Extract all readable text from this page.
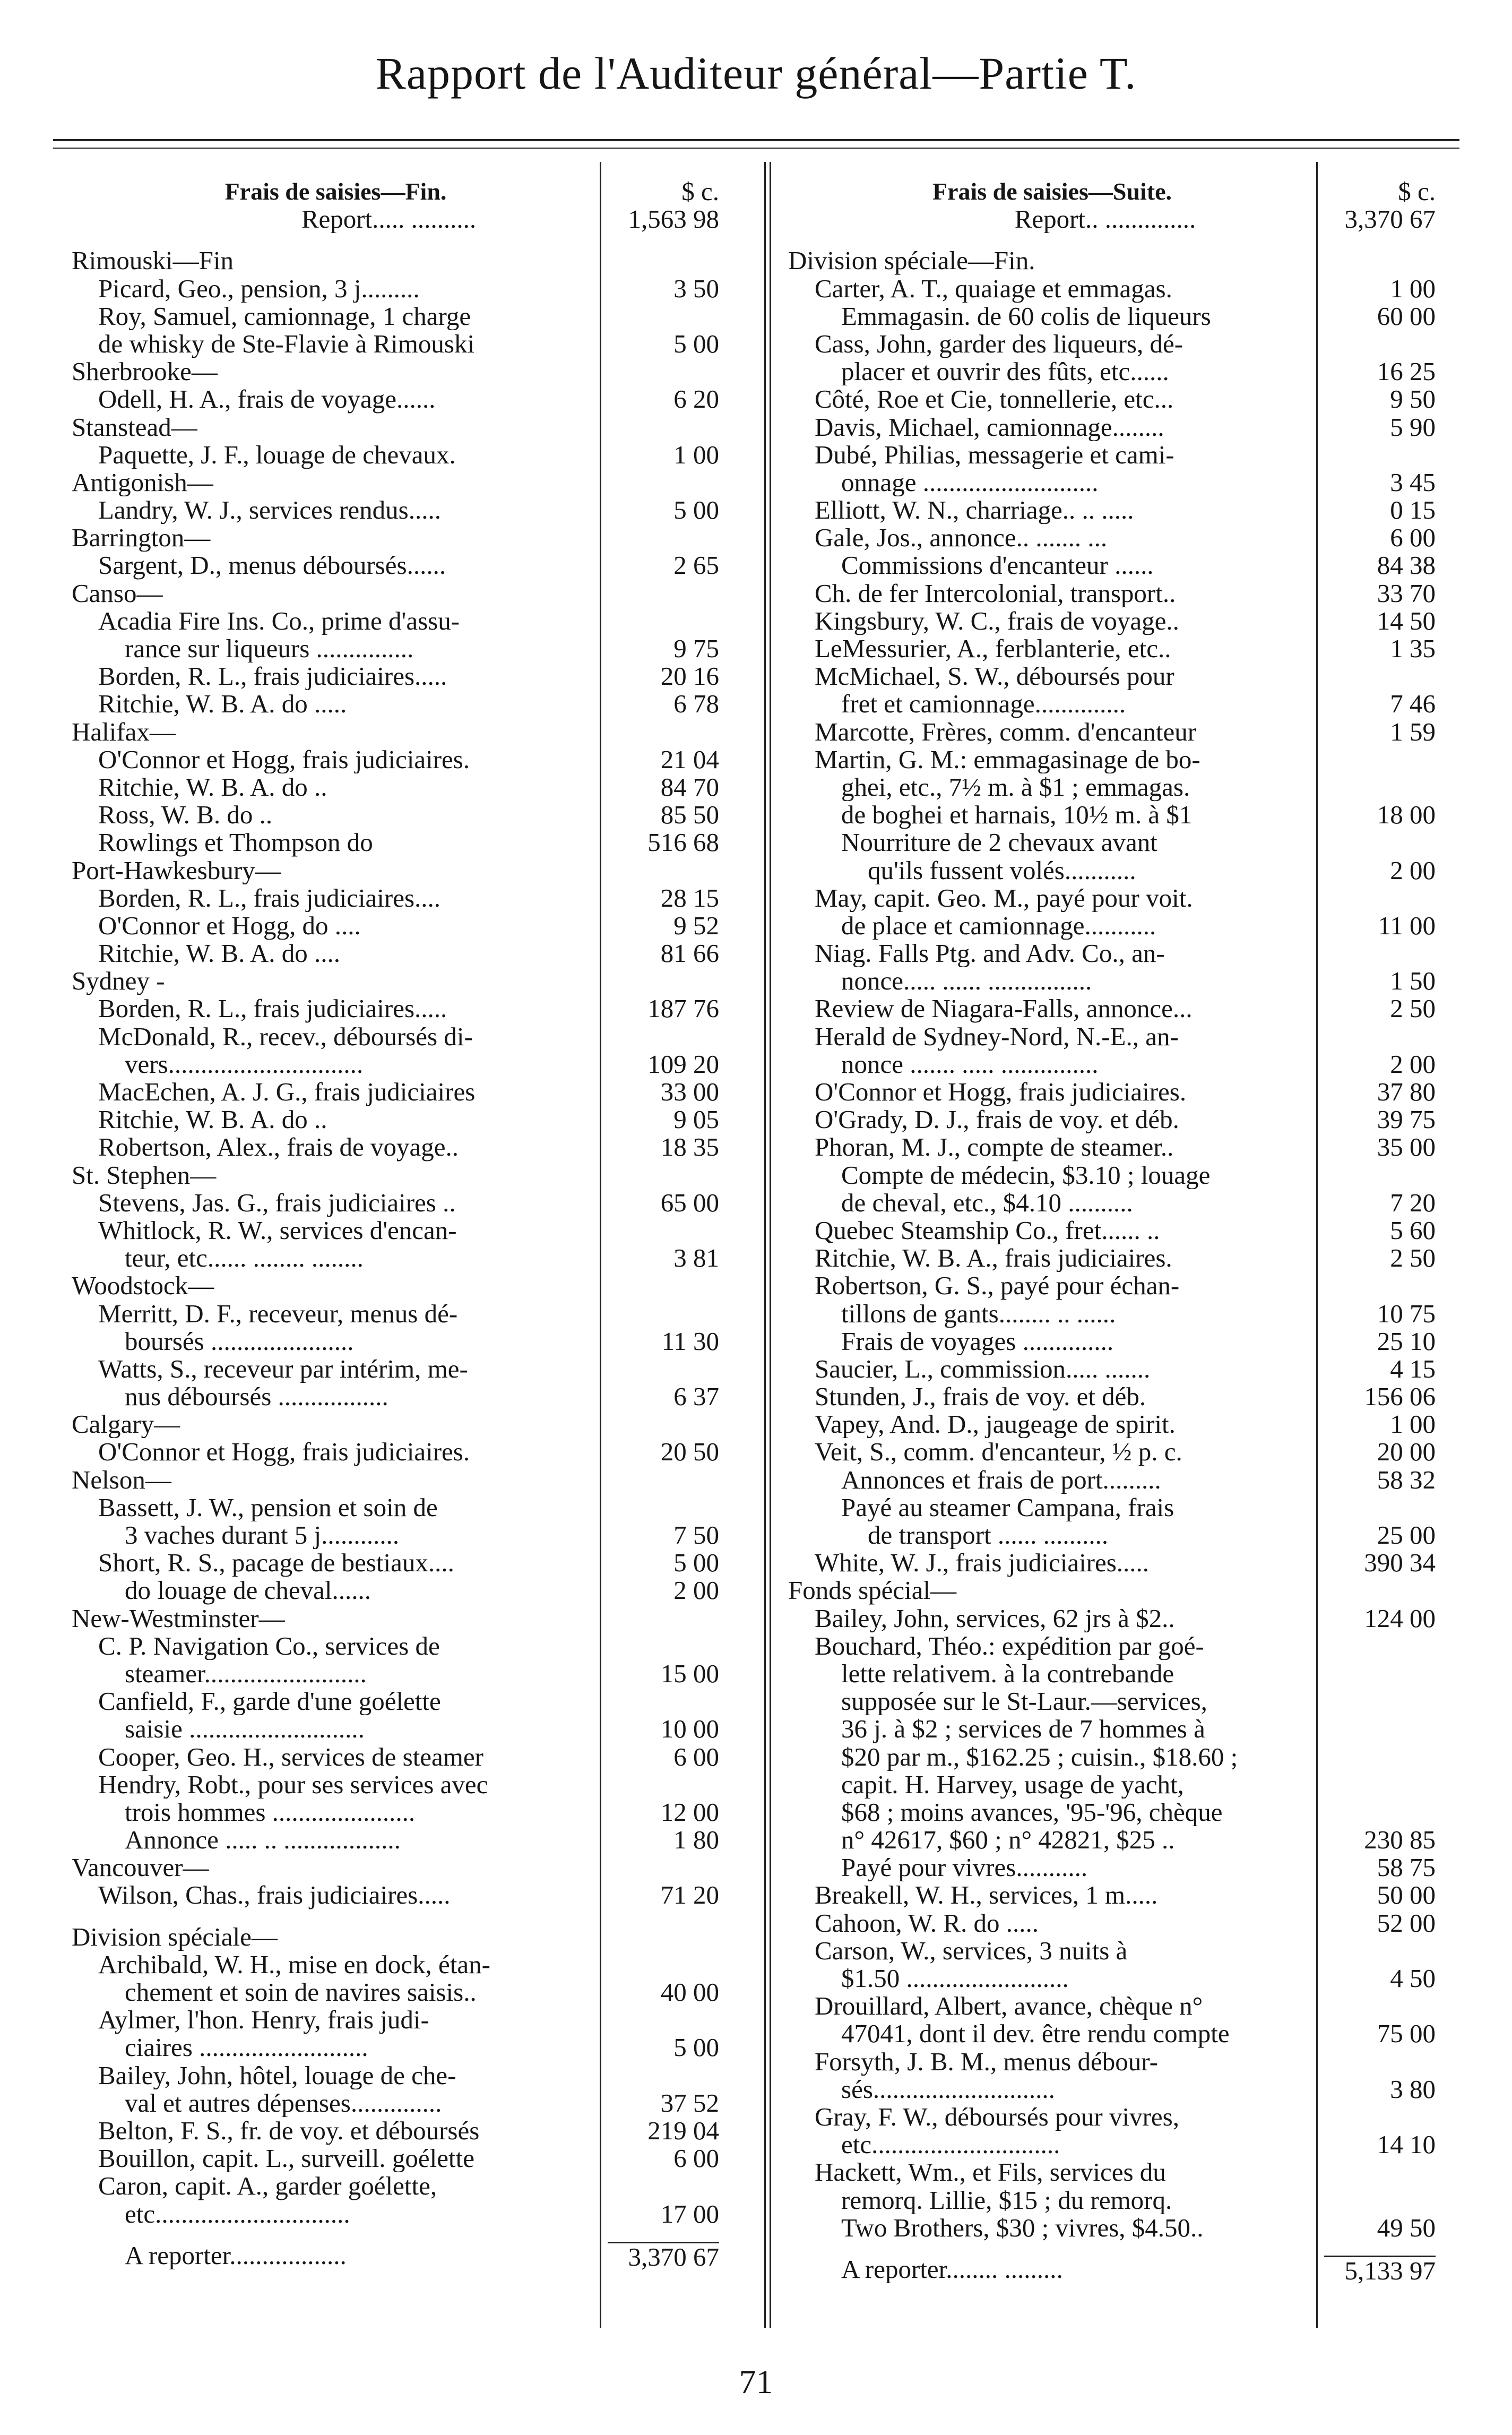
Rapport de l'Auditeur général—Partie T.
Frais de saisies—Fin.	$ c.
Report..... ..........	1,563 98
Rimouski—Fin
Picard, Geo., pension, 3 j.........	3 50
Roy, Samuel, camionnage, 1 charge
de whisky de Ste-Flavie à Rimouski	5 00
Sherbrooke—
Odell, H. A., frais de voyage......	6 20
Stanstead—
Paquette, J. F., louage de chevaux.	1 00
Antigonish—
Landry, W. J., services rendus.....	5 00
Barrington—
Sargent, D., menus déboursés......	2 65
Canso—
Acadia Fire Ins. Co., prime d'assu-
rance sur liqueurs ...............	9 75
Borden, R. L., frais judiciaires.....	20 16
Ritchie, W. B. A. do .....	6 78
Halifax—
O'Connor et Hogg, frais judiciaires.	21 04
Ritchie, W. B. A. do ..	84 70
Ross, W. B. do ..	85 50
Rowlings et Thompson do	516 68
Port-Hawkesbury—
Borden, R. L., frais judiciaires....	28 15
O'Connor et Hogg, do ....	9 52
Ritchie, W. B. A. do ....	81 66
Sydney -
Borden, R. L., frais judiciaires.....	187 76
McDonald, R., recev., déboursés di-
vers..............................	109 20
MacEchen, A. J. G., frais judiciaires	33 00
Ritchie, W. B. A. do ..	9 05
Robertson, Alex., frais de voyage..	18 35
St. Stephen—
Stevens, Jas. G., frais judiciaires ..	65 00
Whitlock, R. W., services d'encan-
teur, etc...... ........ ........	3 81
Woodstock—
Merritt, D. F., receveur, menus dé-
boursés ......................	11 30
Watts, S., receveur par intérim, me-
nus déboursés .................	6 37
Calgary—
O'Connor et Hogg, frais judiciaires.	20 50
Nelson—
Bassett, J. W., pension et soin de
3 vaches durant 5 j............	7 50
Short, R. S., pacage de bestiaux....	5 00
do louage de cheval......	2 00
New-Westminster—
C. P. Navigation Co., services de
steamer.........................	15 00
Canfield, F., garde d'une goélette
saisie ...........................	10 00
Cooper, Geo. H., services de steamer	6 00
Hendry, Robt., pour ses services avec
trois hommes ......................	12 00
Annonce ..... .. ..................	1 80
Vancouver—
Wilson, Chas., frais judiciaires.....	71 20
Division spéciale—
Archibald, W. H., mise en dock, étan-
chement et soin de navires saisis..	40 00
Aylmer, l'hon. Henry, frais judi-
ciaires ..........................	5 00
Bailey, John, hôtel, louage de che-
val et autres dépenses..............	37 52
Belton, F. S., fr. de voy. et déboursés	219 04
Bouillon, capit. L., surveill. goélette	6 00
Caron, capit. A., garder goélette,
etc..............................	17 00
A reporter..................	3,370 67
Frais de saisies—Suite.	$ c.
Report.. ..............	3,370 67
Division spéciale—Fin.
Carter, A. T., quaiage et emmagas.	1 00
Emmagasin. de 60 colis de liqueurs	60 00
Cass, John, garder des liqueurs, dé-
placer et ouvrir des fûts, etc......	16 25
Côté, Roe et Cie, tonnellerie, etc...	9 50
Davis, Michael, camionnage........	5 90
Dubé, Philias, messagerie et cami-
onnage ...........................	3 45
Elliott, W. N., charriage.. .. .....	0 15
Gale, Jos., annonce.. ....... ...	6 00
Commissions d'encanteur ......	84 38
Ch. de fer Intercolonial, transport..	33 70
Kingsbury, W. C., frais de voyage..	14 50
LeMessurier, A., ferblanterie, etc..	1 35
McMichael, S. W., déboursés pour
fret et camionnage..............	7 46
Marcotte, Frères, comm. d'encanteur	1 59
Martin, G. M.: emmagasinage de bo-
ghei, etc., 7½ m. à $1 ; emmagas.
de boghei et harnais, 10½ m. à $1	18 00
Nourriture de 2 chevaux avant
qu'ils fussent volés...........	2 00
May, capit. Geo. M., payé pour voit.
de place et camionnage...........	11 00
Niag. Falls Ptg. and Adv. Co., an-
nonce..... ...... ................	1 50
Review de Niagara-Falls, annonce...	2 50
Herald de Sydney-Nord, N.-E., an-
nonce ....... ..... ...............	2 00
O'Connor et Hogg, frais judiciaires.	37 80
O'Grady, D. J., frais de voy. et déb.	39 75
Phoran, M. J., compte de steamer..	35 00
Compte de médecin, $3.10 ; louage
de cheval, etc., $4.10 ..........	7 20
Quebec Steamship Co., fret...... ..	5 60
Ritchie, W. B. A., frais judiciaires.	2 50
Robertson, G. S., payé pour échan-
tillons de gants........ .. ......	10 75
Frais de voyages ..............	25 10
Saucier, L., commission..... .......	4 15
Stunden, J., frais de voy. et déb.	156 06
Vapey, And. D., jaugeage de spirit.	1 00
Veit, S., comm. d'encanteur, ½ p. c.	20 00
Annonces et frais de port.........	58 32
Payé au steamer Campana, frais
de transport ...... ..........	25 00
White, W. J., frais judiciaires.....	390 34
Fonds spécial—
Bailey, John, services, 62 jrs à $2..	124 00
Bouchard, Théo.: expédition par goé-
lette relativem. à la contrebande
supposée sur le St-Laur.—services,
36 j. à $2 ; services de 7 hommes à
$20 par m., $162.25 ; cuisin., $18.60 ;
capit. H. Harvey, usage de yacht,
$68 ; moins avances, '95-'96, chèque
n° 42617, $60 ; n° 42821, $25 ..	230 85
Payé pour vivres...........	58 75
Breakell, W. H., services, 1 m.....	50 00
Cahoon, W. R. do .....	52 00
Carson, W., services, 3 nuits à
$1.50 .........................	4 50
Drouillard, Albert, avance, chèque n°
47041, dont il dev. être rendu compte	75 00
Forsyth, J. B. M., menus débour-
sés............................	3 80
Gray, F. W., déboursés pour vivres,
etc.............................	14 10
Hackett, Wm., et Fils, services du
remorq. Lillie, $15 ; du remorq.
Two Brothers, $30 ; vivres, $4.50..	49 50
A reporter........ .........	5,133 97
71
